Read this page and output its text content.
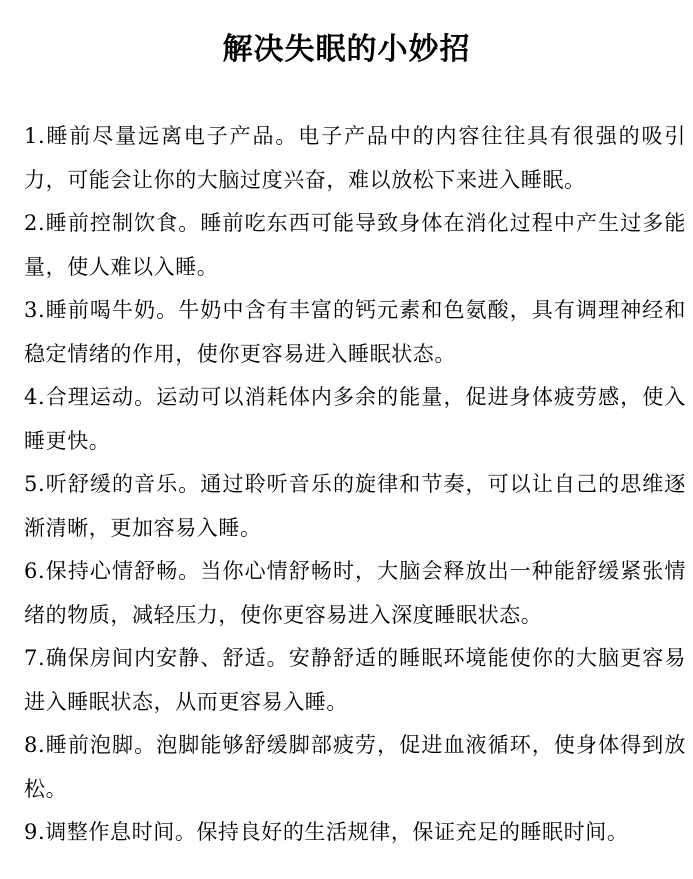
解决失眠的小妙招
1.睡前尽量远离电子产品。电子产品中的内容往往具有很强的吸引力，可能会让你的大脑过度兴奋，难以放松下来进入睡眠。
2.睡前控制饮食。睡前吃东西可能导致身体在消化过程中产生过多能量，使人难以入睡。
3.睡前喝牛奶。牛奶中含有丰富的钙元素和色氨酸，具有调理神经和稳定情绪的作用，使你更容易进入睡眠状态。
4.合理运动。运动可以消耗体内多余的能量，促进身体疲劳感，使入睡更快。
5.听舒缓的音乐。通过聆听音乐的旋律和节奏，可以让自己的思维逐渐清晰，更加容易入睡。
6.保持心情舒畅。当你心情舒畅时，大脑会释放出一种能舒缓紧张情绪的物质，减轻压力，使你更容易进入深度睡眠状态。
7.确保房间内安静、舒适。安静舒适的睡眠环境能使你的大脑更容易进入睡眠状态，从而更容易入睡。
8.睡前泡脚。泡脚能够舒缓脚部疲劳，促进血液循环，使身体得到放松。
9.调整作息时间。保持良好的生活规律，保证充足的睡眠时间。
